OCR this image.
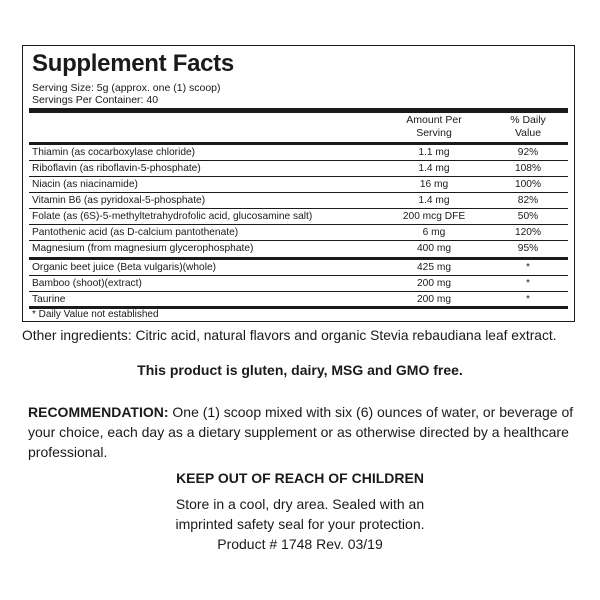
Supplement Facts
Serving Size: 5g (approx. one (1) scoop)
Servings Per Container: 40
Amount Per
Serving
% Daily
Value
Thiamin (as cocarboxylase chloride)	1.1 mg	92%
Riboflavin (as riboflavin-5-phosphate)	1.4 mg	108%
Niacin (as niacinamide)	16 mg	100%
Vitamin B6 (as pyridoxal-5-phosphate)	1.4 mg	82%
Folate (as (6S)-5-methyltetrahydrofolic acid, glucosamine salt)	200 mcg DFE	50%
Pantothenic acid (as D-calcium pantothenate)	6 mg	120%
Magnesium (from magnesium glycerophosphate)	400 mg	95%
Organic beet juice (Beta vulgaris)(whole)	425 mg	*
Bamboo (shoot)(extract)	200 mg	*
Taurine	200 mg	*
* Daily Value not established
Other ingredients: Citric acid, natural flavors and organic Stevia rebaudiana leaf extract.
This product is gluten, dairy, MSG and GMO free.
RECOMMENDATION: One (1) scoop mixed with six (6) ounces of water, or beverage of your choice, each day as a dietary supplement or as otherwise directed by a healthcare professional.
KEEP OUT OF REACH OF CHILDREN
Store in a cool, dry area. Sealed with an
imprinted safety seal for your protection.
Product # 1748 Rev. 03/19
